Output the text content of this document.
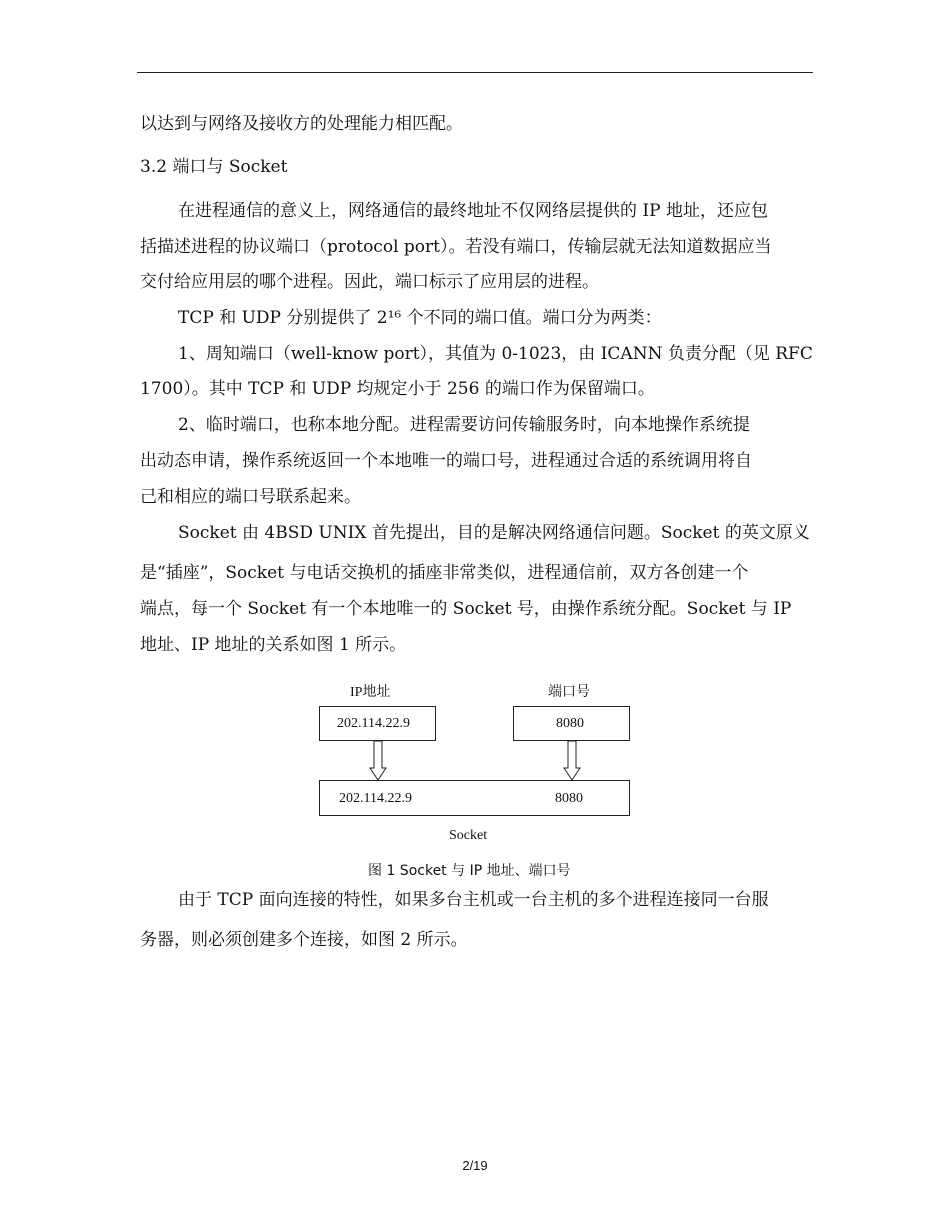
以达到与网络及接收方的处理能力相匹配。
3.2 端口与 Socket
在进程通信的意义上，网络通信的最终地址不仅网络层提供的 IP 地址，还应包
括描述进程的协议端口（protocol port）。若没有端口，传输层就无法知道数据应当
交付给应用层的哪个进程。因此，端口标示了应用层的进程。
TCP 和 UDP 分别提供了 2¹⁶ 个不同的端口值。端口分为两类：
1、周知端口（well-know port），其值为 0-1023，由 ICANN 负责分配（见 RFC
1700）。其中 TCP 和 UDP 均规定小于 256 的端口作为保留端口。
2、临时端口，也称本地分配。进程需要访问传输服务时，向本地操作系统提
出动态申请，操作系统返回一个本地唯一的端口号，进程通过合适的系统调用将自
己和相应的端口号联系起来。
Socket 由 4BSD UNIX 首先提出，目的是解决网络通信问题。Socket 的英文原义
是“插座”，Socket 与电话交换机的插座非常类似，进程通信前，双方各创建一个
端点，每一个 Socket 有一个本地唯一的 Socket 号，由操作系统分配。Socket 与 IP
地址、IP 地址的关系如图 1 所示。
IP地址	端口号
202.114.22.9	8080
202.114.22.9	8080
Socket
图 1 Socket 与 IP 地址、端口号
由于 TCP 面向连接的特性，如果多台主机或一台主机的多个进程连接同一台服
务器，则必须创建多个连接，如图 2 所示。
2/19
